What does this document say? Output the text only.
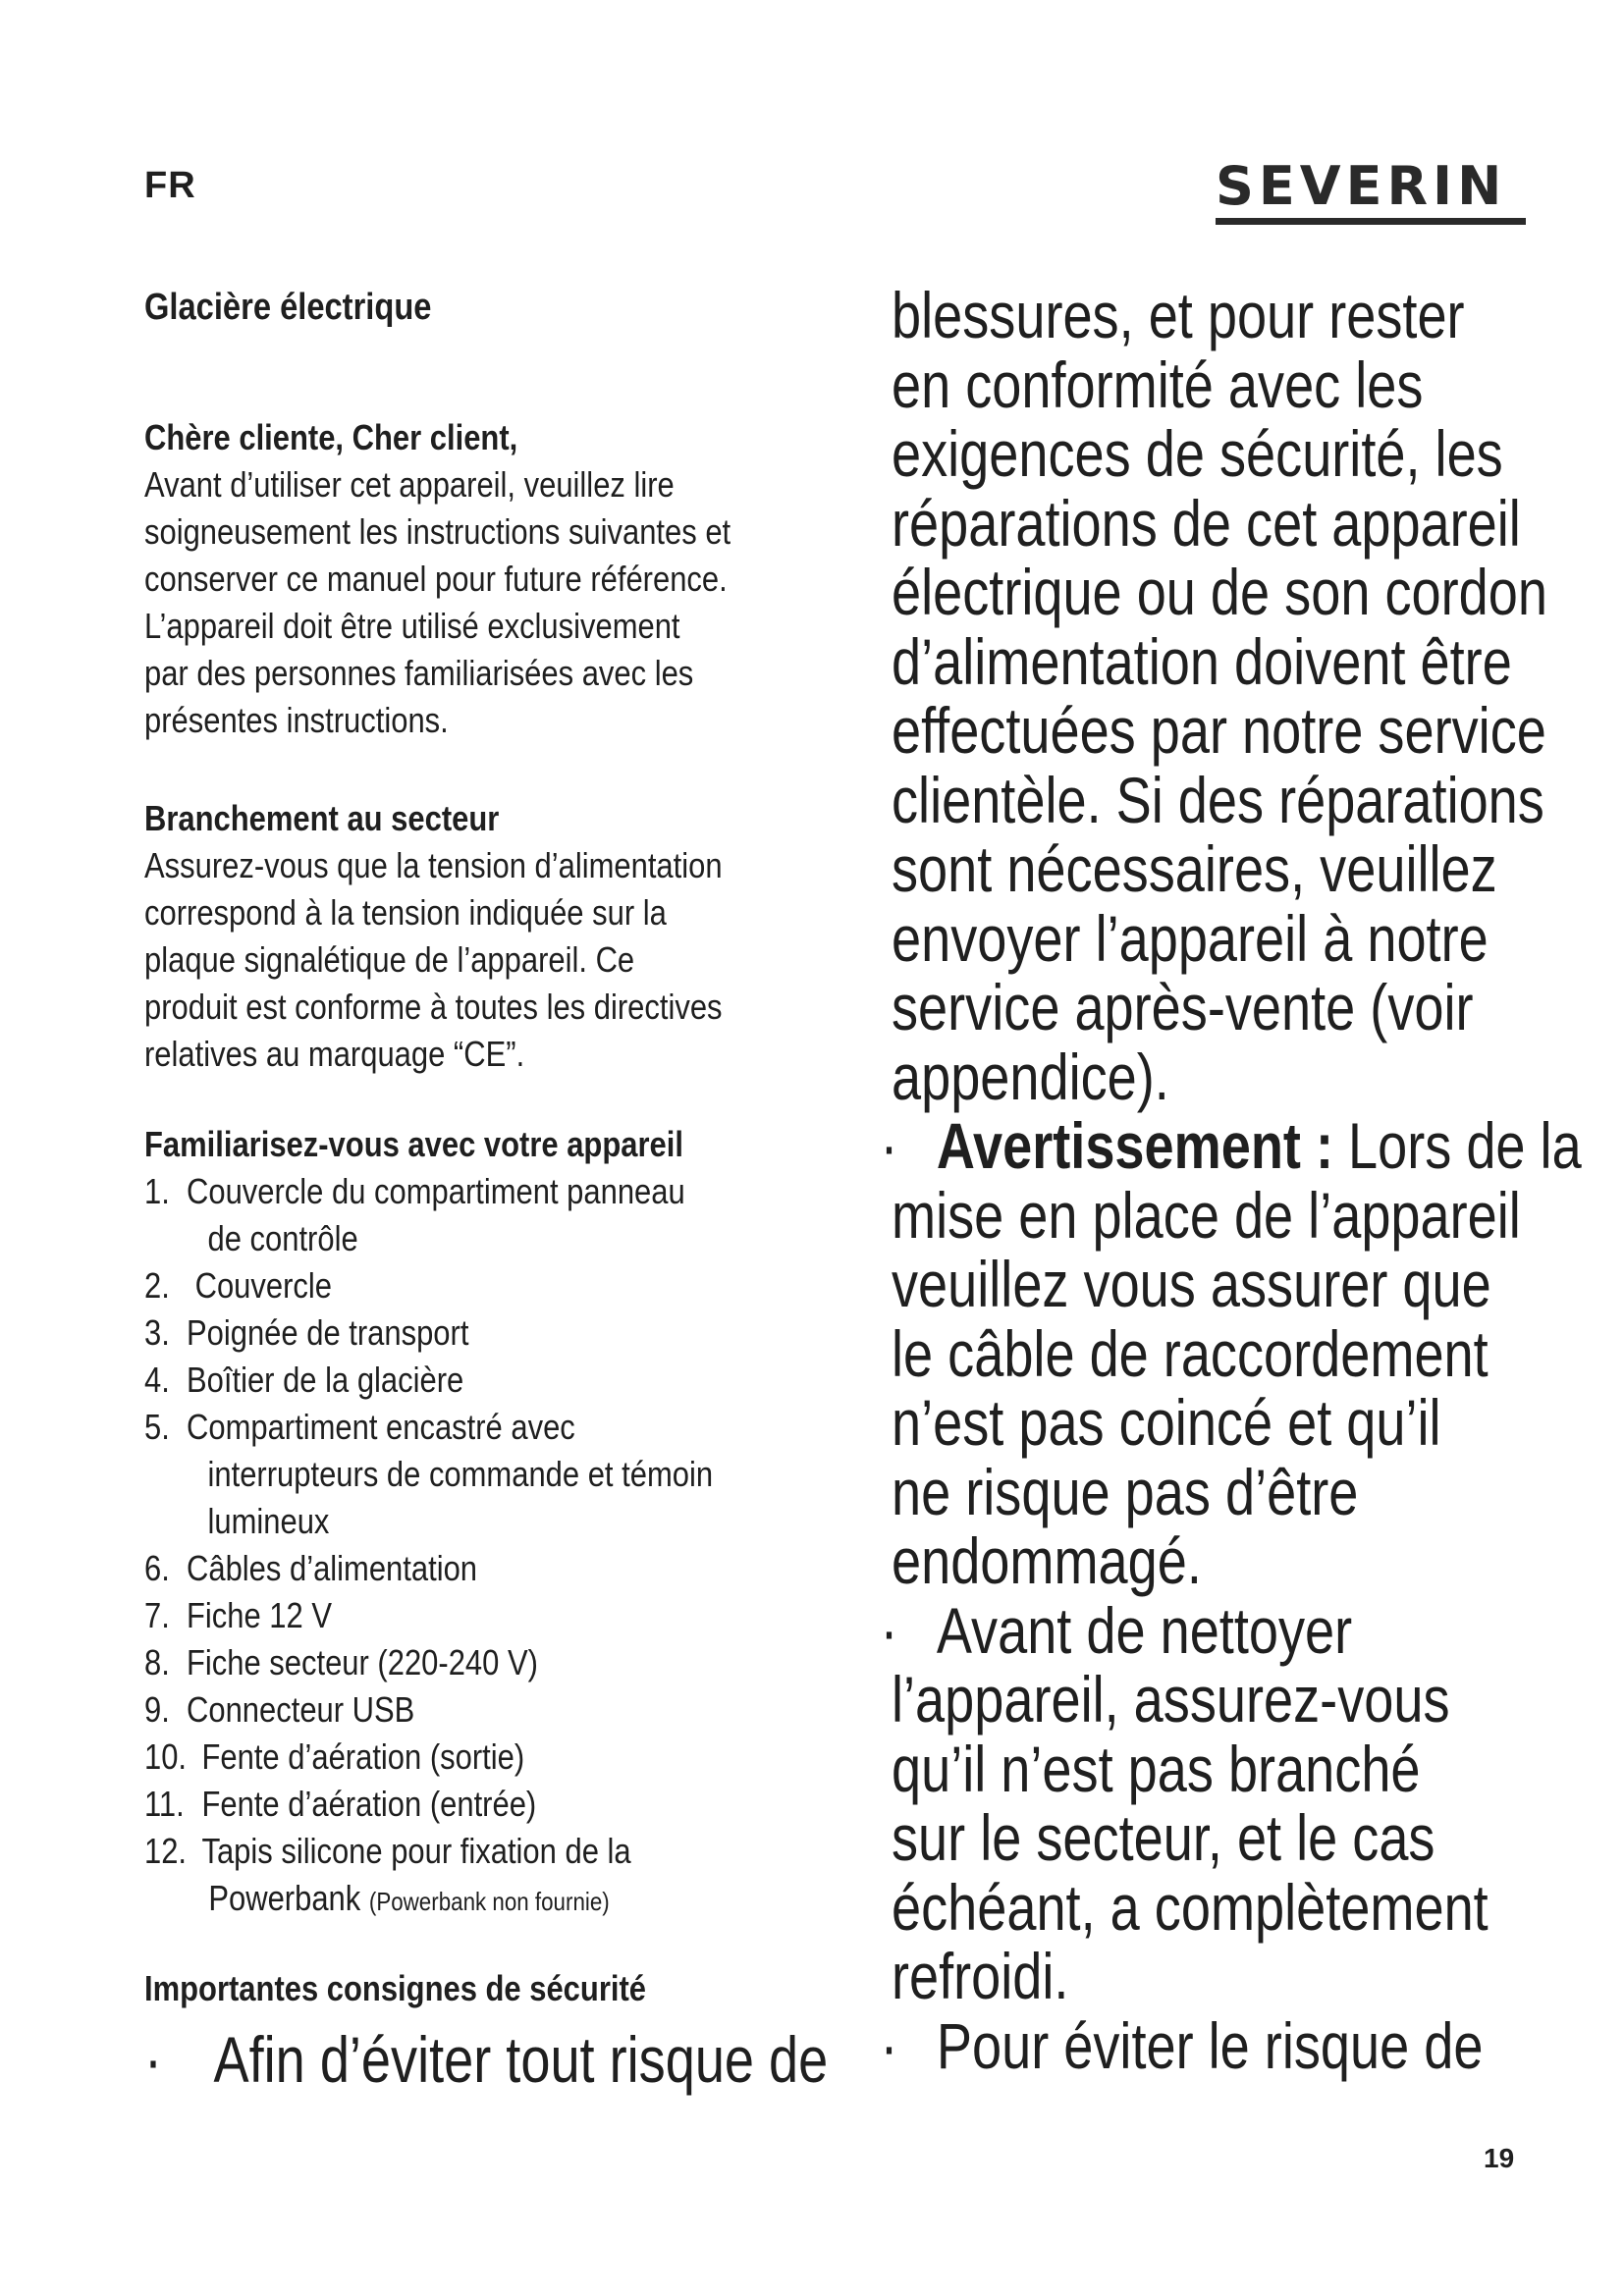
FR	SEVERIN
Glacière électrique
Chère cliente, Cher client,
Avant d’utiliser cet appareil, veuillez lire
soigneusement les instructions suivantes et
conserver ce manuel pour future référence.
L’appareil doit être utilisé exclusivement
par des personnes familiarisées avec les
présentes instructions.
Branchement au secteur
Assurez-vous que la tension d’alimentation
correspond à la tension indiquée sur la
plaque signalétique de l’appareil. Ce
produit est conforme à toutes les directives
relatives au marquage “CE”.
Familiarisez-vous avec votre appareil
1. Couvercle du compartiment panneau
de contrôle
2. Couvercle
3. Poignée de transport
4. Boîtier de la glacière
5. Compartiment encastré avec
interrupteurs de commande et témoin
lumineux
6. Câbles d’alimentation
7. Fiche 12 V
8. Fiche secteur (220-240 V)
9. Connecteur USB
10. Fente d’aération (sortie)
11. Fente d’aération (entrée)
12. Tapis silicone pour fixation de la
Powerbank (Powerbank non fournie)
Importantes consignes de sécurité
· Afin d’éviter tout risque de
blessures, et pour rester
en conformité avec les
exigences de sécurité, les
réparations de cet appareil
électrique ou de son cordon
d’alimentation doivent être
effectuées par notre service
clientèle. Si des réparations
sont nécessaires, veuillez
envoyer l’appareil à notre
service après-vente (voir
appendice).
· Avertissement : Lors de la
mise en place de l’appareil
veuillez vous assurer que
le câble de raccordement
n’est pas coincé et qu’il
ne risque pas d’être
endommagé.
· Avant de nettoyer
l’appareil, assurez-vous
qu’il n’est pas branché
sur le secteur, et le cas
échéant, a complètement
refroidi.
· Pour éviter le risque de
19
